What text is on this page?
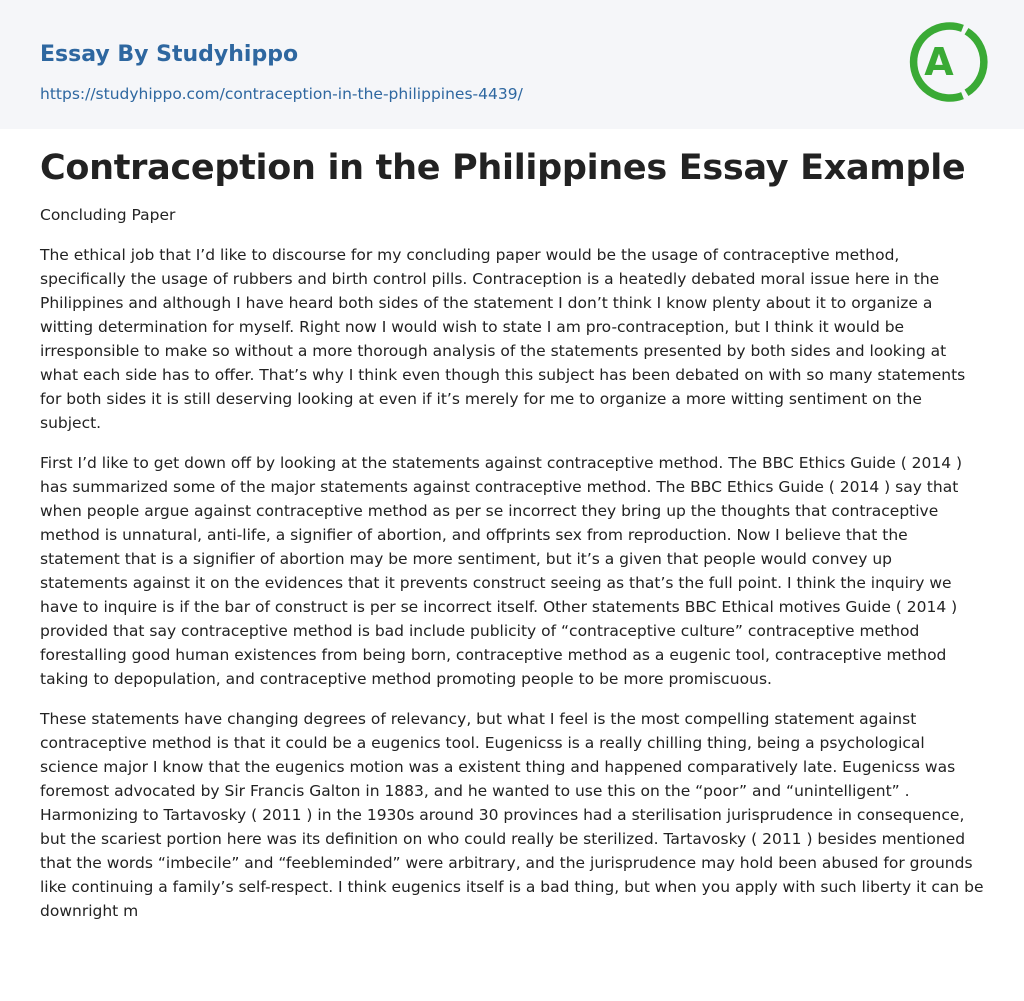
Essay By Studyhippo
https://studyhippo.com/contraception-in-the-philippines-4439/
A
Contraception in the Philippines Essay Example

Concluding Paper

The ethical job that I’d like to discourse for my concluding paper would be the usage of contraceptive method, specifically the usage of rubbers and birth control pills. Contraception is a heatedly debated moral issue here in the Philippines and although I have heard both sides of the statement I don’t think I know plenty about it to organize a witting determination for myself. Right now I would wish to state I am pro-contraception, but I think it would be irresponsible to make so without a more thorough analysis of the statements presented by both sides and looking at what each side has to offer. That’s why I think even though this subject has been debated on with so many statements for both sides it is still deserving looking at even if it’s merely for me to organize a more witting sentiment on the subject.

First I’d like to get down off by looking at the statements against contraceptive method. The BBC Ethics Guide ( 2014 ) has summarized some of the major statements against contraceptive method. The BBC Ethics Guide ( 2014 ) say that when people argue against contraceptive method as per se incorrect they bring up the thoughts that contraceptive method is unnatural, anti-life, a signifier of abortion, and offprints sex from reproduction. Now I believe that the statement that is a signifier of abortion may be more sentiment, but it’s a given that people would convey up statements against it on the evidences that it prevents construct seeing as that’s the full point. I think the inquiry we have to inquire is if the bar of construct is per se incorrect itself. Other statements BBC Ethical motives Guide ( 2014 ) provided that say contraceptive method is bad include publicity of “contraceptive culture” contraceptive method forestalling good human existences from being born, contraceptive method as a eugenic tool, contraceptive method taking to depopulation, and contraceptive method promoting people to be more promiscuous.

These statements have changing degrees of relevancy, but what I feel is the most compelling statement against contraceptive method is that it could be a eugenics tool. Eugenicss is a really chilling thing, being a psychological science major I know that the eugenics motion was a existent thing and happened comparatively late. Eugenicss was foremost advocated by Sir Francis Galton in 1883, and he wanted to use this on the “poor” and “unintelligent” . Harmonizing to Tartavosky ( 2011 ) in the 1930s around 30 provinces had a sterilisation jurisprudence in consequence, but the scariest portion here was its definition on who could really be sterilized. Tartavosky ( 2011 ) besides mentioned that the words “imbecile” and “feebleminded” were arbitrary, and the jurisprudence may hold been abused for grounds like continuing a family’s self-respect. I think eugenics itself is a bad thing, but when you apply with such liberty it can be downright m
